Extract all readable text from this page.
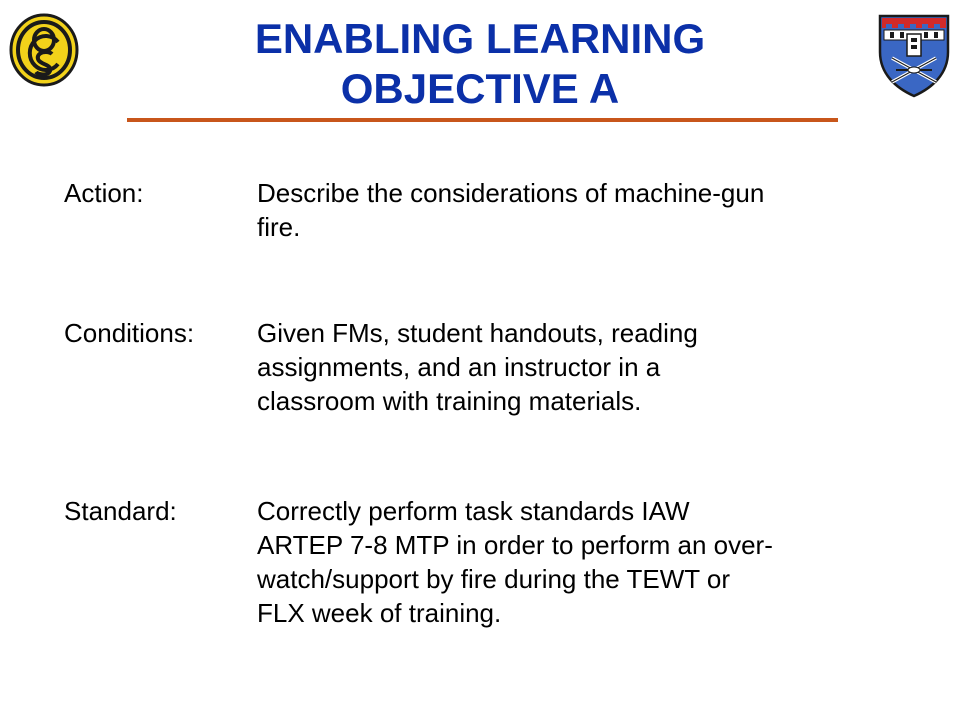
ENABLING LEARNING
OBJECTIVE A
Action:	Describe the considerations of machine-gun
fire.
Conditions:	Given FMs, student handouts, reading
assignments, and an instructor in a
classroom with training materials.
Standard:	Correctly perform task standards IAW
ARTEP 7-8 MTP in order to perform an over-
watch/support by fire during the TEWT or
FLX week of training.
